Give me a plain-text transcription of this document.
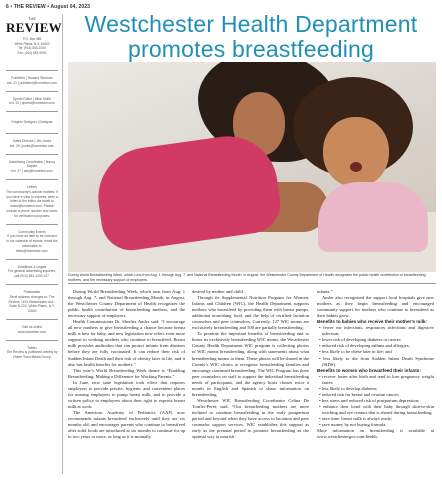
6 • THE REVIEW • August 04, 2023
THE
REVIEW
P.O. Box 485
White Plains, N.Y. 10602
Tel: (914) 653-1000
Fax: (914) 653-5000
Publisher | Howard Sturman
ext. 21 | publisher@hometwn.com
Sports Editor | Mike Smith
ext. 22 | sports@hometwn.com
Graphic Designer | Designer
Sales Director | Jim Jones
ext. 30 | jones@hometwn.com
Advertising Coordinator | Nancy Kaplan
ext. 27 | ads@hometwn.com
Letters
The community's opinion matters. If you have a view to express, write a letter to the editor via email to news@hometwn.com. Please include a phone number and name for verification purposes.
Community Events
If you have an item to be included in our calendar of events, email the information to news@hometwn.com.
Deadlines & Legals
For general advertising inquiries, call (914) 653-1000 x27.
Postmaster
Send address changes to: The Review, 1133 Westchester Ave., Suite N-202, White Plains, N.Y. 10604
Visit us online
www.hometwn.com
Twitter
The Review is published weekly by Home Town Media Group
Westchester Health Department promotes breastfeeding
During World Breastfeeding Week, which runs from Aug. 1 through Aug. 7, and National Breastfeeding Month, in August, the Westchester County Department of Health recognizes the public health contribution of breastfeeding mothers, and the necessary support of employers.

During World Breastfeeding Week, which runs from Aug. 1 through Aug. 7, and National Breastfeeding Month, in August, the Westchester County Department of Health recognizes the public health contribution of breastfeeding mothers, and the necessary support of employers.

Health Commissioner Dr. Sherlita Amler said: “I encourage all new mothers to give breastfeeding a chance because breast milk is best for baby, and new legislation now offers even more support to working mothers who continue to breastfeed. Breast milk provides antibodies that can protect infants from diseases before they are fully vaccinated. It can reduce their risk of Sudden Infant Death and their risk of obesity later in life, and it also has health benefits for mothers.”

This year’s World Breastfeeding Week theme is “Enabling Breastfeeding: Making a Difference for Working Parents.”

In June, new state legislation took effect that requires employers to provide private, hygienic and convenient places for nursing employees to pump breast milk, and to provide a written policy to employees about their right to express breast milk at work.

The American Academy of Pediatrics (AAP) now recommends infants breastfeed exclusively until they are six months old, and encourages parents who continue to breastfeed after solid foods are introduced at six months to continue for up to two years or more, as long as it is mutually

desired by mother and child.

Through its Supplemental Nutrition Program for Women, Infants and Children (WIC), the Health Department supports mothers who breastfeed by providing them with breast pumps, additional nourishing food, and the help of certified lactation counselors and peer counselors. Currently, 127 WIC moms are exclusively breastfeeding and 500 are partially breastfeeding.

To promote the important benefits of breastfeeding and to honor its exclusively breastfeeding WIC moms, the Westchester County Health Department WIC program is collecting photos of WIC moms breastfeeding, along with statements about what breastfeeding means to them. These photos will be shared in the County’s WIC clinics to recognize breastfeeding families and encourage continued breastfeeding. The WIC Program has three peer counselors on staff to support the individual breastfeeding needs of participants, and the agency hosts classes twice a month in English and Spanish to share information on breastfeeding.

Westchester WIC Breastfeeding Coordinator Celina De Tourlet-Perez said: “Our breastfeeding mothers are more inclined to continue breastfeeding in the early postpartum period and beyond when they have access to lactation and peer counselor support services. WIC establishes this support as early as the prenatal period to promote breastfeeding as the optimal way to nourish

infants.”

Amler also recognized the support local hospitals give new mothers as they begin breastfeeding and encouraged community support for mothers who continue to breastfeed as their babies grow.

Benefits to babies who receive their mother’s milk:

• fewer ear infections, respiratory infections and digestive infection;
• lower risk of developing diabetes or cancer;
• reduced risk of developing asthma and allergies;
• less likely to be obese later in life; and
• less likely to die from Sudden Infant Death Syndrome (SIDS).

Benefits to women who breastfeed their infants:

• recover faster after birth and tend to lose pregnancy weight faster;
• less likely to develop diabetes;
• reduced risk for breast and ovarian cancer;
• less stress and reduced risk of postpartum depression;
• enhance their bond with their baby through skin-to-skin touching and eye contact that is shared during breastfeeding;
• save time: breast milk is always ready;
• save money by not buying formula.

More information on breastfeeding is available at www.westchestergov.com/health.
